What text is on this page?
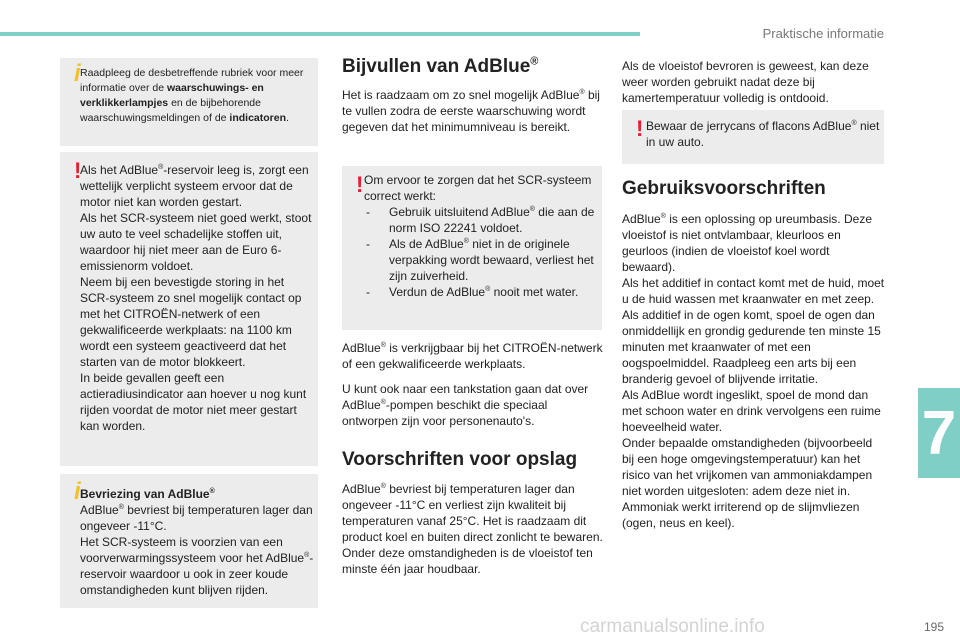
Praktische informatie
7
195
carmanualsonline.info
i Raadpleeg de desbetreffende rubriek voor meer informatie over de waarschuwings- en verklikkerlampjes en de bijbehorende waarschuwingsmeldingen of de indicatoren.

!

Als het AdBlue®-reservoir leeg is, zorgt een wettelijk verplicht systeem ervoor dat de motor niet kan worden gestart.

Als het SCR-systeem niet goed werkt, stoot uw auto te veel schadelijke stoffen uit, waardoor hij niet meer aan de Euro 6-emissienorm voldoet.

Neem bij een bevestigde storing in het SCR-systeem zo snel mogelijk contact op met het CITROËN-netwerk of een gekwalificeerde werkplaats: na 1100 km wordt een systeem geactiveerd dat het starten van de motor blokkeert.

In beide gevallen geeft een actieradiusindicator aan hoever u nog kunt rijden voordat de motor niet meer gestart kan worden.

i Bevriezing van AdBlue®

AdBlue® bevriest bij temperaturen lager dan ongeveer -11°C.

Het SCR-systeem is voorzien van een voorverwarmingssysteem voor het AdBlue®-reservoir waardoor u ook in zeer koude omstandigheden kunt blijven rijden.

Bijvullen van AdBlue®

Het is raadzaam om zo snel mogelijk AdBlue® bij te vullen zodra de eerste waarschuwing wordt gegeven dat het minimumniveau is bereikt.

! Om ervoor te zorgen dat het SCR-systeem correct werkt:

- Gebruik uitsluitend AdBlue® die aan de norm ISO 22241 voldoet.
- Als de AdBlue® niet in de originele verpakking wordt bewaard, verliest het zijn zuiverheid.
- Verdun de AdBlue® nooit met water.

AdBlue® is verkrijgbaar bij het CITROËN-netwerk of een gekwalificeerde werkplaats.

U kunt ook naar een tankstation gaan dat over AdBlue®-pompen beschikt die speciaal ontworpen zijn voor personenauto's.

Voorschriften voor opslag

AdBlue® bevriest bij temperaturen lager dan ongeveer -11°C en verliest zijn kwaliteit bij temperaturen vanaf 25°C. Het is raadzaam dit product koel en buiten direct zonlicht te bewaren.

Onder deze omstandigheden is de vloeistof ten minste één jaar houdbaar.

Als de vloeistof bevroren is geweest, kan deze weer worden gebruikt nadat deze bij kamertemperatuur volledig is ontdooid.

! Bewaar de jerrycans of flacons AdBlue® niet in uw auto.

Gebruiksvoorschriften

AdBlue® is een oplossing op ureumbasis. Deze vloeistof is niet ontvlambaar, kleurloos en geurloos (indien de vloeistof koel wordt bewaard).

Als het additief in contact komt met de huid, moet u de huid wassen met kraanwater en met zeep. Als additief in de ogen komt, spoel de ogen dan onmiddellijk en grondig gedurende ten minste 15 minuten met kraanwater of met een oogspoelmiddel. Raadpleeg een arts bij een branderig gevoel of blijvende irritatie.

Als AdBlue wordt ingeslikt, spoel de mond dan met schoon water en drink vervolgens een ruime hoeveelheid water.

Onder bepaalde omstandigheden (bijvoorbeeld bij een hoge omgevingstemperatuur) kan het risico van het vrijkomen van ammoniakdampen niet worden uitgesloten: adem deze niet in. Ammoniak werkt irriterend op de slijmvliezen (ogen, neus en keel).
